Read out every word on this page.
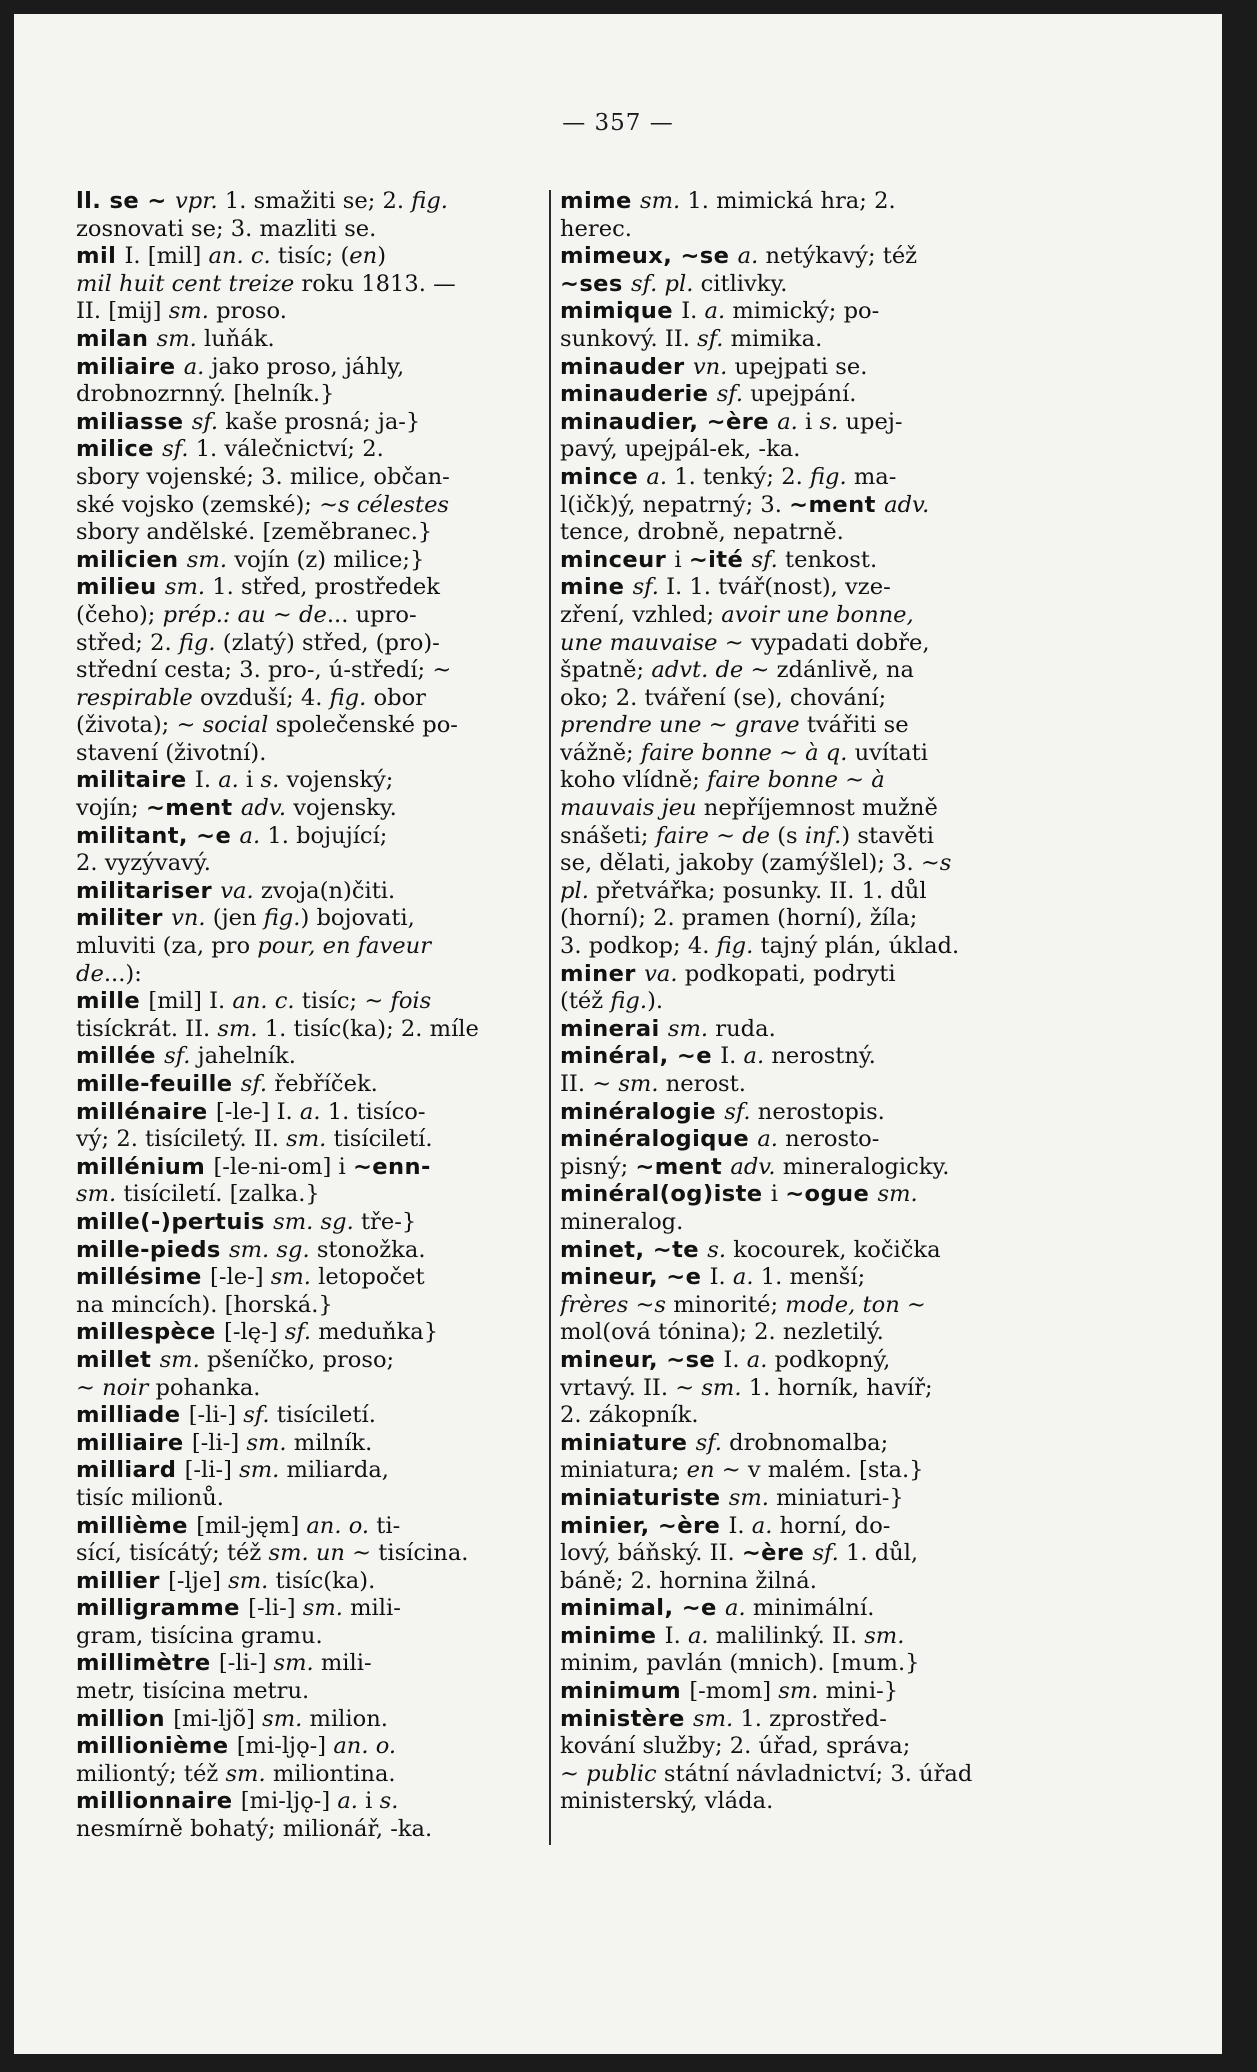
— 357 —
ll. se ~ vpr. 1. smažiti se; 2. fig.
zosnovati se; 3. mazliti se.
mil I. [mil] an. c. tisíc; (en)
mil huit cent treize roku 1813. —
II. [mij] sm. proso.
milan sm. luňák.
miliaire a. jako proso, jáhly,
drobnozrnný. [helník.}
miliasse sf. kaše prosná; ja-}
milice sf. 1. válečnictví; 2.
sbory vojenské; 3. milice, občan-
ské vojsko (zemské); ~s célestes
sbory andělské. [zeměbranec.}
milicien sm. vojín (z) milice;}
milieu sm. 1. střed, prostředek
(čeho); prép.: au ~ de... upro-
střed; 2. fig. (zlatý) střed, (pro)-
střední cesta; 3. pro-, ú-středí; ~
respirable ovzduší; 4. fig. obor
(života); ~ social společenské po-
stavení (životní).
militaire I. a. i s. vojenský;
vojín; ~ment adv. vojensky.
militant, ~e a. 1. bojující;
2. vyzývavý.
militariser va. zvoja(n)čiti.
militer vn. (jen fig.) bojovati,
mluviti (za, pro pour, en faveur
de...):
mille [mil] I. an. c. tisíc; ~ fois
tisíckrát. II. sm. 1. tisíc(ka); 2. míle
millée sf. jahelník.
mille-feuille sf. řebříček.
millénaire [-le-] I. a. 1. tisíco-
vý; 2. tisíciletý. II. sm. tisíciletí.
millénium [-le-ni-om] i ~enn-
sm. tisíciletí. [zalka.}
mille(-)pertuis sm. sg. tře-}
mille-pieds sm. sg. stonožka.
millésime [-le-] sm. letopočet
na mincích). [horská.}
millespèce [-lę-] sf. meduňka}
millet sm. pšeníčko, proso;
~ noir pohanka.
milliade [-li-] sf. tisíciletí.
milliaire [-li-] sm. milník.
milliard [-li-] sm. miliarda,
tisíc milionů.
millième [mil-jęm] an. o. ti-
sící, tisícátý; též sm. un ~ tisícina.
millier [-lje] sm. tisíc(ka).
milligramme [-li-] sm. mili-
gram, tisícina gramu.
millimètre [-li-] sm. mili-
metr, tisícina metru.
million [mi-ljõ] sm. milion.
millionième [mi-ljǫ-] an. o.
miliontý; též sm. miliontina.
millionnaire [mi-ljǫ-] a. i s.
nesmírně bohatý; milionář, -ka.
mime sm. 1. mimická hra; 2.
herec.
mimeux, ~se a. netýkavý; též
~ses sf. pl. citlivky.
mimique I. a. mimický; po-
sunkový. II. sf. mimika.
minauder vn. upejpati se.
minauderie sf. upejpání.
minaudier, ~ère a. i s. upej-
pavý, upejpál-ek, -ka.
mince a. 1. tenký; 2. fig. ma-
l(ičk)ý, nepatrný; 3. ~ment adv.
tence, drobně, nepatrně.
minceur i ~ité sf. tenkost.
mine sf. I. 1. tvář(nost), vze-
zření, vzhled; avoir une bonne,
une mauvaise ~ vypadati dobře,
špatně; advt. de ~ zdánlivě, na
oko; 2. tváření (se), chování;
prendre une ~ grave tvářiti se
vážně; faire bonne ~ à q. uvítati
koho vlídně; faire bonne ~ à
mauvais jeu nepříjemnost mužně
snášeti; faire ~ de (s inf.) stavěti
se, dělati, jakoby (zamýšlel); 3. ~s
pl. přetvářka; posunky. II. 1. důl
(horní); 2. pramen (horní), žíla;
3. podkop; 4. fig. tajný plán, úklad.
miner va. podkopati, podryti
(též fig.).
minerai sm. ruda.
minéral, ~e I. a. nerostný.
II. ~ sm. nerost.
minéralogie sf. nerostopis.
minéralogique a. nerosto-
pisný; ~ment adv. mineralogicky.
minéral(og)iste i ~ogue sm.
mineralog.
minet, ~te s. kocourek, kočička
mineur, ~e I. a. 1. menší;
frères ~s minorité; mode, ton ~
mol(ová tónina); 2. nezletilý.
mineur, ~se I. a. podkopný,
vrtavý. II. ~ sm. 1. horník, havíř;
2. zákopník.
miniature sf. drobnomalba;
miniatura; en ~ v malém. [sta.}
miniaturiste sm. miniaturi-}
minier, ~ère I. a. horní, do-
lový, báňský. II. ~ère sf. 1. důl,
báně; 2. hornina žilná.
minimal, ~e a. minimální.
minime I. a. malilinký. II. sm.
minim, pavlán (mnich). [mum.}
minimum [-mom] sm. mini-}
ministère sm. 1. zprostřed-
kování služby; 2. úřad, správa;
~ public státní návladnictví; 3. úřad
ministerský, vláda.
